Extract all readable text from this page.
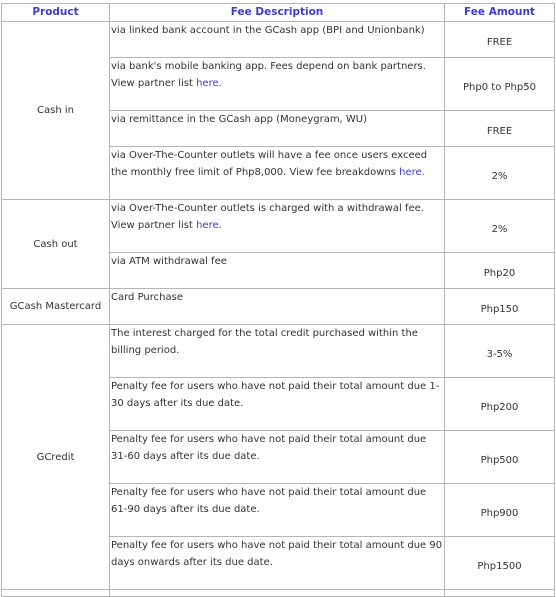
Product	Fee Description	Fee Amount
Cash in	via linked bank account in the GCash app (BPI and Unionbank)	FREE
	via bank's mobile banking app. Fees depend on bank partners. View partner list here.	Php0 to Php50
	via remittance in the GCash app (Moneygram, WU)	FREE
	via Over-The-Counter outlets will have a fee once users exceed the monthly free limit of Php8,000. View fee breakdowns here.	2%
Cash out	via Over-The-Counter outlets is charged with a withdrawal fee. View partner list here.	2%
	via ATM withdrawal fee	Php20
GCash Mastercard	Card Purchase	Php150
GCredit	The interest charged for the total credit purchased within the billing period.	3-5%
	Penalty fee for users who have not paid their total amount due 1-30 days after its due date.	Php200
	Penalty fee for users who have not paid their total amount due 31-60 days after its due date.	Php500
	Penalty fee for users who have not paid their total amount due 61-90 days after its due date.	Php900
	Penalty fee for users who have not paid their total amount due 90 days onwards after its due date.	Php1500
